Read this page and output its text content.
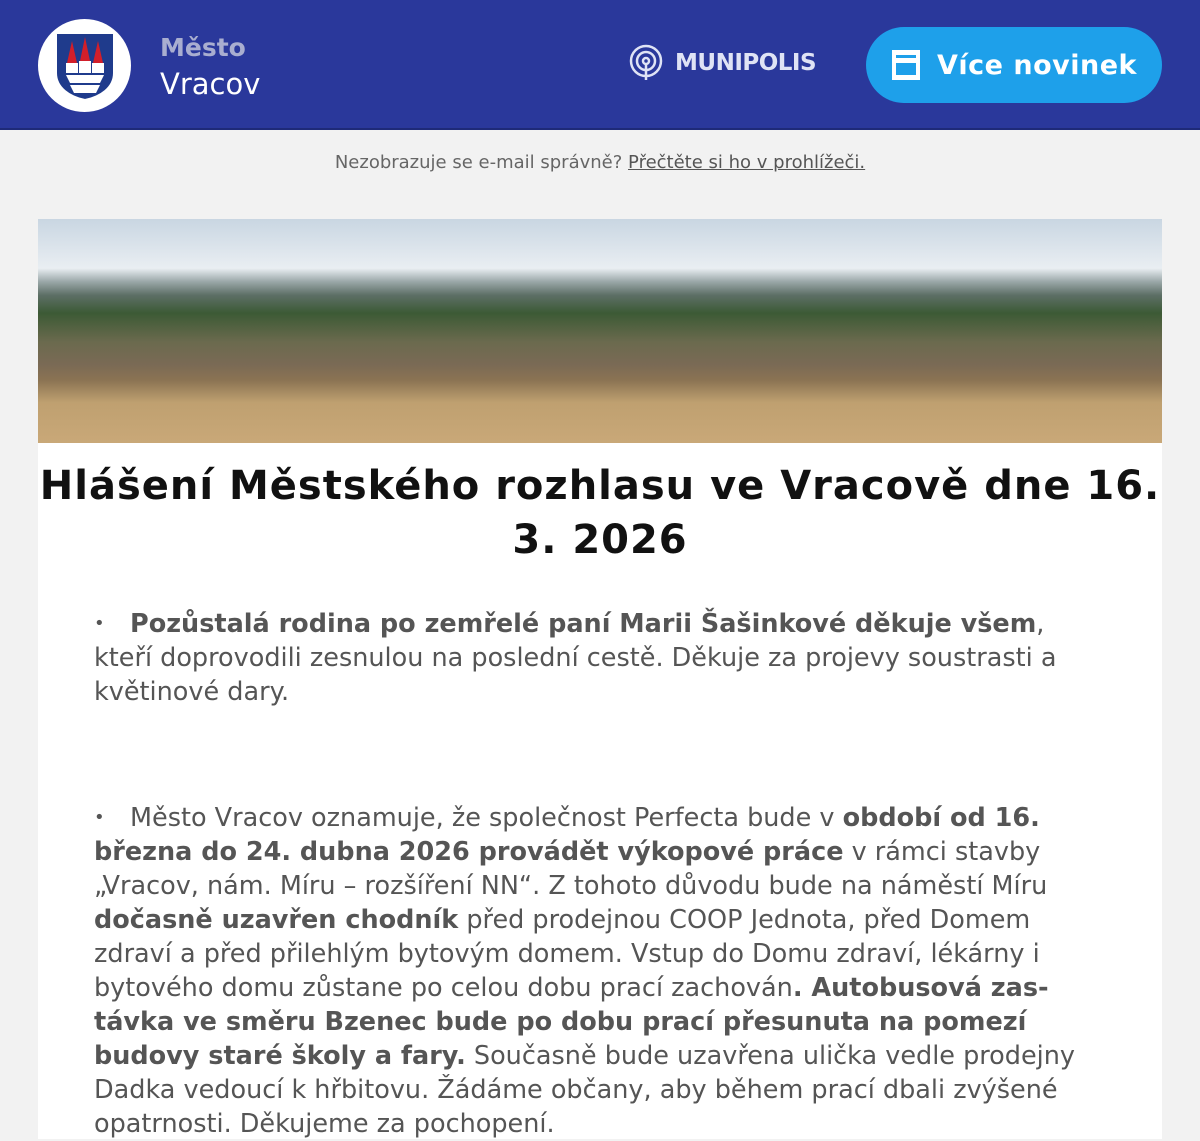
Město
Vracov
MUNIPOLIS	Více novinek
Nezobrazuje se e-mail správně? Přečtěte si ho v prohlížeči.
Hlášení Městského rozhlasu ve Vracově dne 16. 3. 2026
• Pozůstalá rodina po zemřelé paní Marii Šašinkové děkuje všem, kteří doprovodili zesnulou na poslední cestě. Děkuje za projevy soustrasti a květinové dary.
• Město Vracov oznamuje, že společnost Perfecta bude v období od 16. března do 24. dubna 2026 provádět výkopové práce v rámci stavby „Vracov, nám. Míru – rozšíření NN“. Z tohoto důvodu bude na náměstí Míru dočasně uzavřen chodník před prodejnou COOP Jednota, před Domem zdraví a před přilehlým bytovým domem. Vstup do Domu zdraví, lékárny i bytového domu zůstane po celou dobu prací zachován. Autobusová zastávka ve směru Bzenec bude po dobu prací přesunuta na pomezí budovy staré školy a fary. Současně bude uzavřena ulička vedle prodejny Dadka vedoucí k hřbitovu. Žádáme občany, aby během prací dbali zvýšené opatrnosti. Děkujeme za pochopení.
